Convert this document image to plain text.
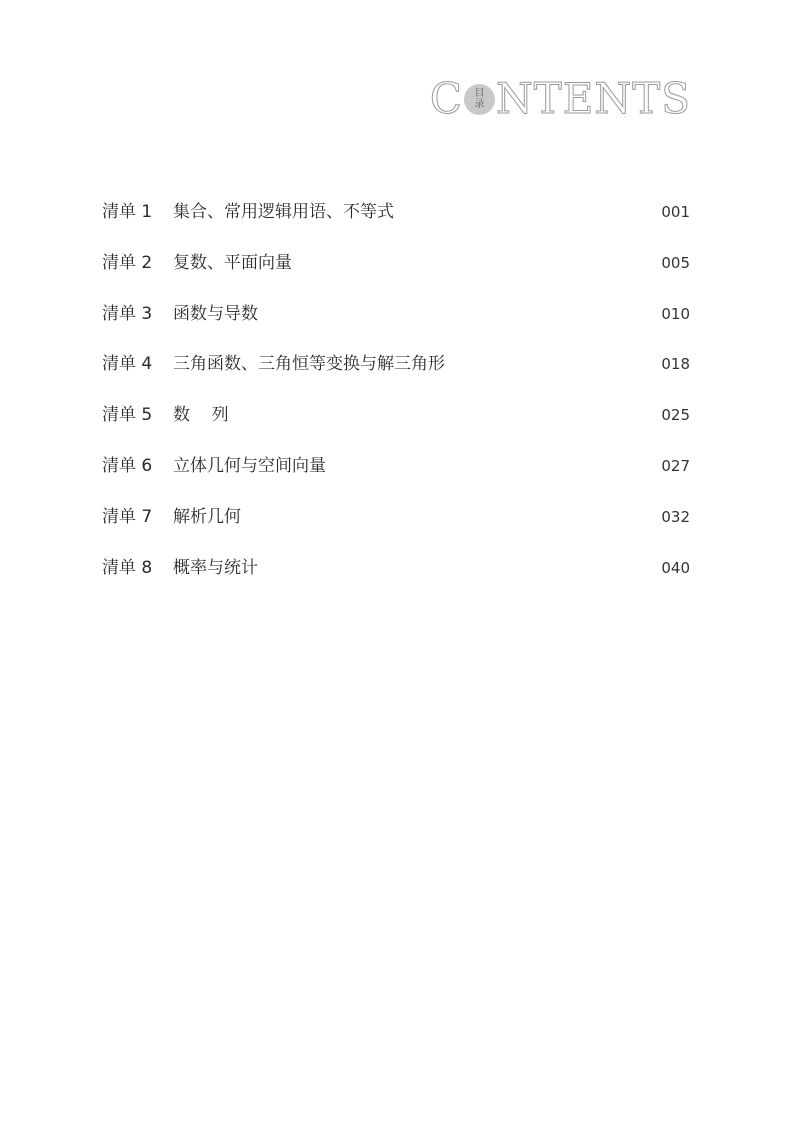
C 目
录 NTENTS
清单 1	集合、常用逻辑用语、不等式	001
清单 2	复数、平面向量	005
清单 3	函数与导数	010
清单 4	三角函数、三角恒等变换与解三角形	018
清单 5	数    列	025
清单 6	立体几何与空间向量	027
清单 7	解析几何	032
清单 8	概率与统计	040
